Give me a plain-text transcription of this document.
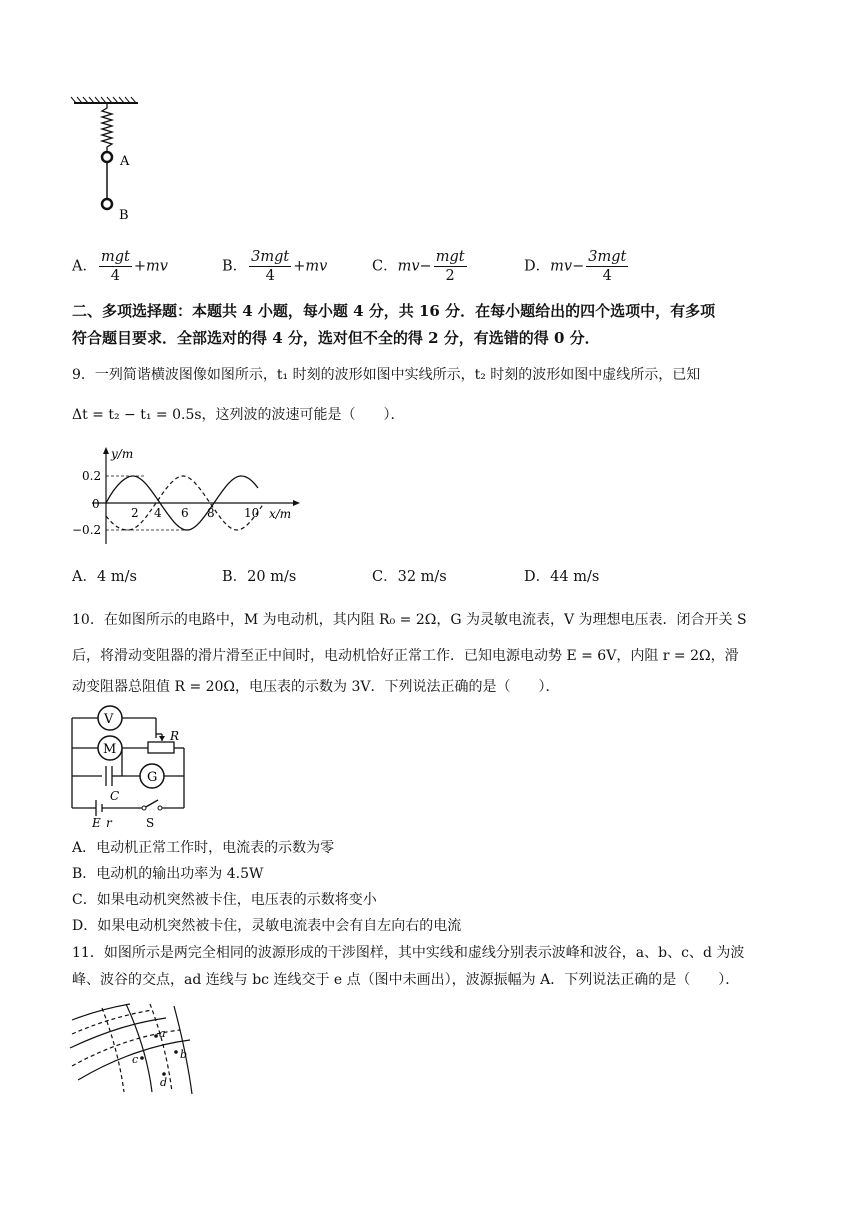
A
B
A． $\frac{\text{mgt}}{4} +mv$	B． $\frac{\text{3mgt}}{4} +mv$	C．$mv- \frac{\text{mgt}}{2}$	D．$mv- \frac{\text{3mgt}}{4}$
二、多项选择题：本题共 4 小题，每小题 4 分，共 16 分．在每小题给出的四个选项中，有多项
符合题目要求．全部选对的得 4 分，选对但不全的得 2 分，有选错的得 0 分．
9．一列简谐横波图像如图所示，t₁ 时刻的波形如图中实线所示，t₂ 时刻的波形如图中虚线所示，已知
Δt = t₂ − t₁ = 0.5s，这列波的波速可能是（　　）．
y/m
x/m
0.2
0
−0.2
2 4 6 8 10
A．4 m/s	B．20 m/s	C．32 m/s	D．44 m/s
10．在如图所示的电路中，M 为电动机，其内阻 R₀ = 2Ω，G 为灵敏电流表，V 为理想电压表．闭合开关 S
后，将滑动变阻器的滑片滑至正中间时，电动机恰好正常工作．已知电源电动势 E = 6V，内阻 r = 2Ω，滑
动变阻器总阻值 R = 20Ω，电压表的示数为 3V．下列说法正确的是（　　）．
V
M
G
R
C
E r	S
A．电动机正常工作时，电流表的示数为零
B．电动机的输出功率为 4.5W
C．如果电动机突然被卡住，电压表的示数将变小
D．如果电动机突然被卡住，灵敏电流表中会有自左向右的电流
11．如图所示是两完全相同的波源形成的干涉图样，其中实线和虚线分别表示波峰和波谷，a、b、c、d 为波
峰、波谷的交点，ad 连线与 bc 连线交于 e 点（图中未画出），波源振幅为 A．下列说法正确的是（　　）．
a
b
c
d
